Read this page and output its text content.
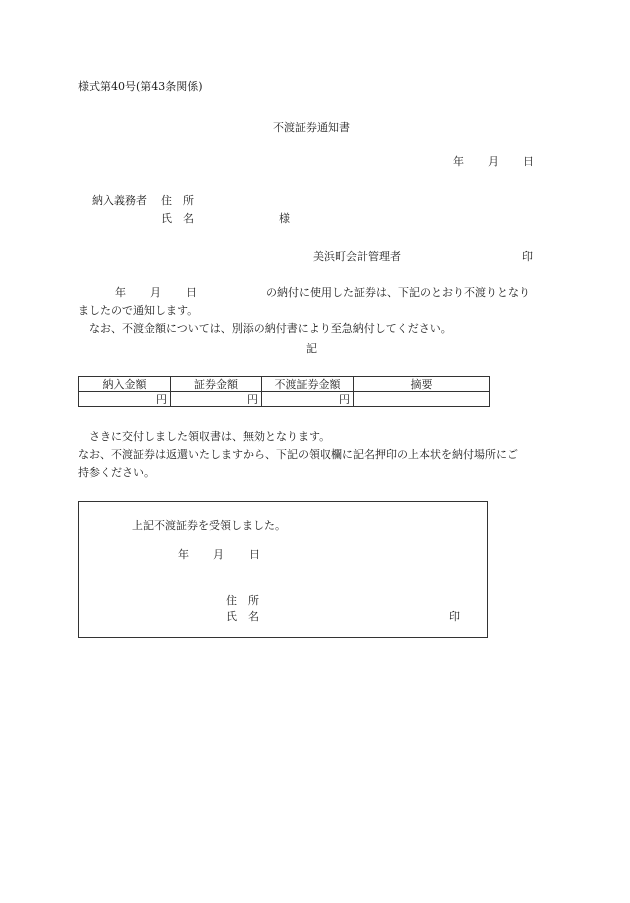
様式第40号(第43条関係)
不渡証券通知書
年 月 日
納入義務者 住　所
氏　名	様
美浜町会計管理者	印
年 月 日	の納付に使用した証券は、下記のとおり不渡りとなり
ましたので通知します。
　なお、不渡金額については、別添の納付書により至急納付してください。
記
納入金額	証券金額	不渡証券金額	摘要
円	円	円	
　さきに交付しました領収書は、無効となります。
なお、不渡証券は返還いたしますから、下記の領収欄に記名押印の上本状を納付場所にご
持参ください。
上記不渡証券を受領しました。
年 月 日
住　所
氏　名	印
